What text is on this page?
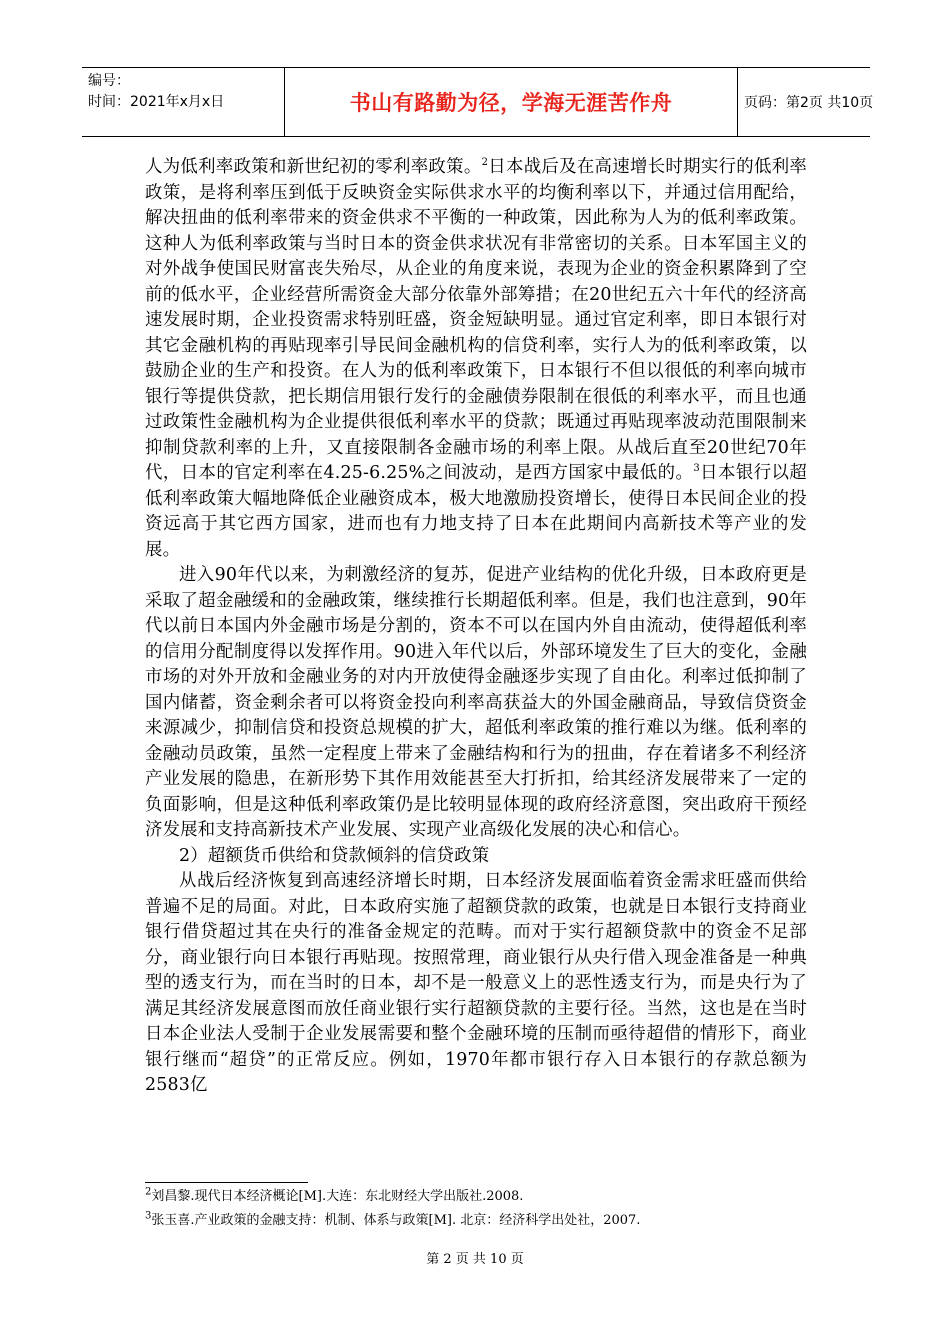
编号：
时间：2021年x月x日	书山有路勤为径，学海无涯苦作舟	页码：第2页 共10页

人为低利率政策和新世纪初的零利率政策。$^2$日本战后及在高速增长时期实行的低利率政策，是将利率压到低于反映资金实际供求水平的均衡利率以下，并通过信用配给，解决扭曲的低利率带来的资金供求不平衡的一种政策，因此称为人为的低利率政策。这种人为低利率政策与当时日本的资金供求状况有非常密切的关系。日本军国主义的对外战争使国民财富丧失殆尽，从企业的角度来说，表现为企业的资金积累降到了空前的低水平，企业经营所需资金大部分依靠外部筹措；在20世纪五六十年代的经济高速发展时期，企业投资需求特别旺盛，资金短缺明显。通过官定利率，即日本银行对其它金融机构的再贴现率引导民间金融机构的信贷利率，实行人为的低利率政策，以鼓励企业的生产和投资。在人为的低利率政策下，日本银行不但以很低的利率向城市银行等提供贷款，把长期信用银行发行的金融债券限制在很低的利率水平，而且也通过政策性金融机构为企业提供很低利率水平的贷款；既通过再贴现率波动范围限制来抑制贷款利率的上升，又直接限制各金融市场的利率上限。从战后直至20世纪70年代，日本的官定利率在4.25-6.25%之间波动，是西方国家中最低的。$^3$日本银行以超低利率政策大幅地降低企业融资成本，极大地激励投资增长，使得日本民间企业的投资远高于其它西方国家，进而也有力地支持了日本在此期间内高新技术等产业的发展。

进入90年代以来，为刺激经济的复苏，促进产业结构的优化升级，日本政府更是采取了超金融缓和的金融政策，继续推行长期超低利率。但是，我们也注意到，90年代以前日本国内外金融市场是分割的，资本不可以在国内外自由流动，使得超低利率的信用分配制度得以发挥作用。90进入年代以后，外部环境发生了巨大的变化，金融市场的对外开放和金融业务的对内开放使得金融逐步实现了自由化。利率过低抑制了国内储蓄，资金剩余者可以将资金投向利率高获益大的外国金融商品，导致信贷资金来源减少，抑制信贷和投资总规模的扩大，超低利率政策的推行难以为继。低利率的金融动员政策，虽然一定程度上带来了金融结构和行为的扭曲，存在着诸多不利经济产业发展的隐患，在新形势下其作用效能甚至大打折扣，给其经济发展带来了一定的负面影响，但是这种低利率政策仍是比较明显体现的政府经济意图，突出政府干预经济发展和支持高新技术产业发展、实现产业高级化发展的决心和信心。

2）超额货币供给和贷款倾斜的信贷政策

从战后经济恢复到高速经济增长时期，日本经济发展面临着资金需求旺盛而供给普遍不足的局面。对此，日本政府实施了超额贷款的政策，也就是日本银行支持商业银行借贷超过其在央行的准备金规定的范畴。而对于实行超额贷款中的资金不足部分，商业银行向日本银行再贴现。按照常理，商业银行从央行借入现金准备是一种典型的透支行为，而在当时的日本，却不是一般意义上的恶性透支行为，而是央行为了满足其经济发展意图而放任商业银行实行超额贷款的主要行径。当然，这也是在当时日本企业法人受制于企业发展需要和整个金融环境的压制而亟待超借的情形下，商业银行继而“超贷”的正常反应。例如，1970年都市银行存入日本银行的存款总额为2583亿

$^2$刘昌黎.现代日本经济概论[M].大连：东北财经大学出版社.2008.
$^3$张玉喜.产业政策的金融支持：机制、体系与政策[M]. 北京：经济科学出处社，2007.
第 2 页 共 10 页
